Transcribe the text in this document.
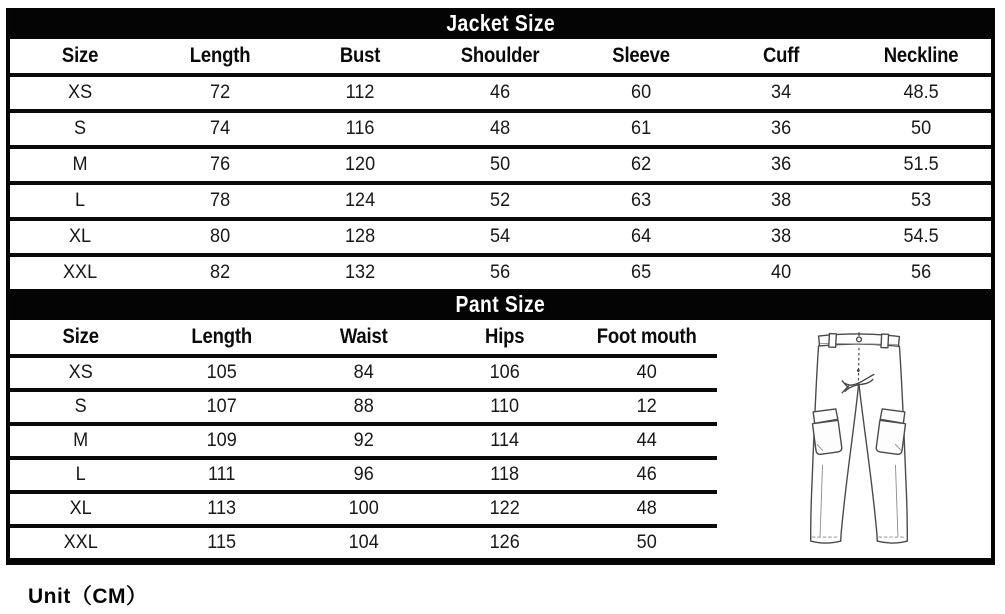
Jacket Size
Size	Length	Bust	Shoulder	Sleeve	Cuff	Neckline
XS	72	112	46	60	34	48.5
S	74	116	48	61	36	50
M	76	120	50	62	36	51.5
L	78	124	52	63	38	53
XL	80	128	54	64	38	54.5
XXL	82	132	56	65	40	56
Pant Size
Size	Length	Waist	Hips	Foot mouth
XS	105	84	106	40
S	107	88	110	12
M	109	92	114	44
L	111	96	118	46
XL	113	100	122	48
XXL	115	104	126	50
Unit（CM）
